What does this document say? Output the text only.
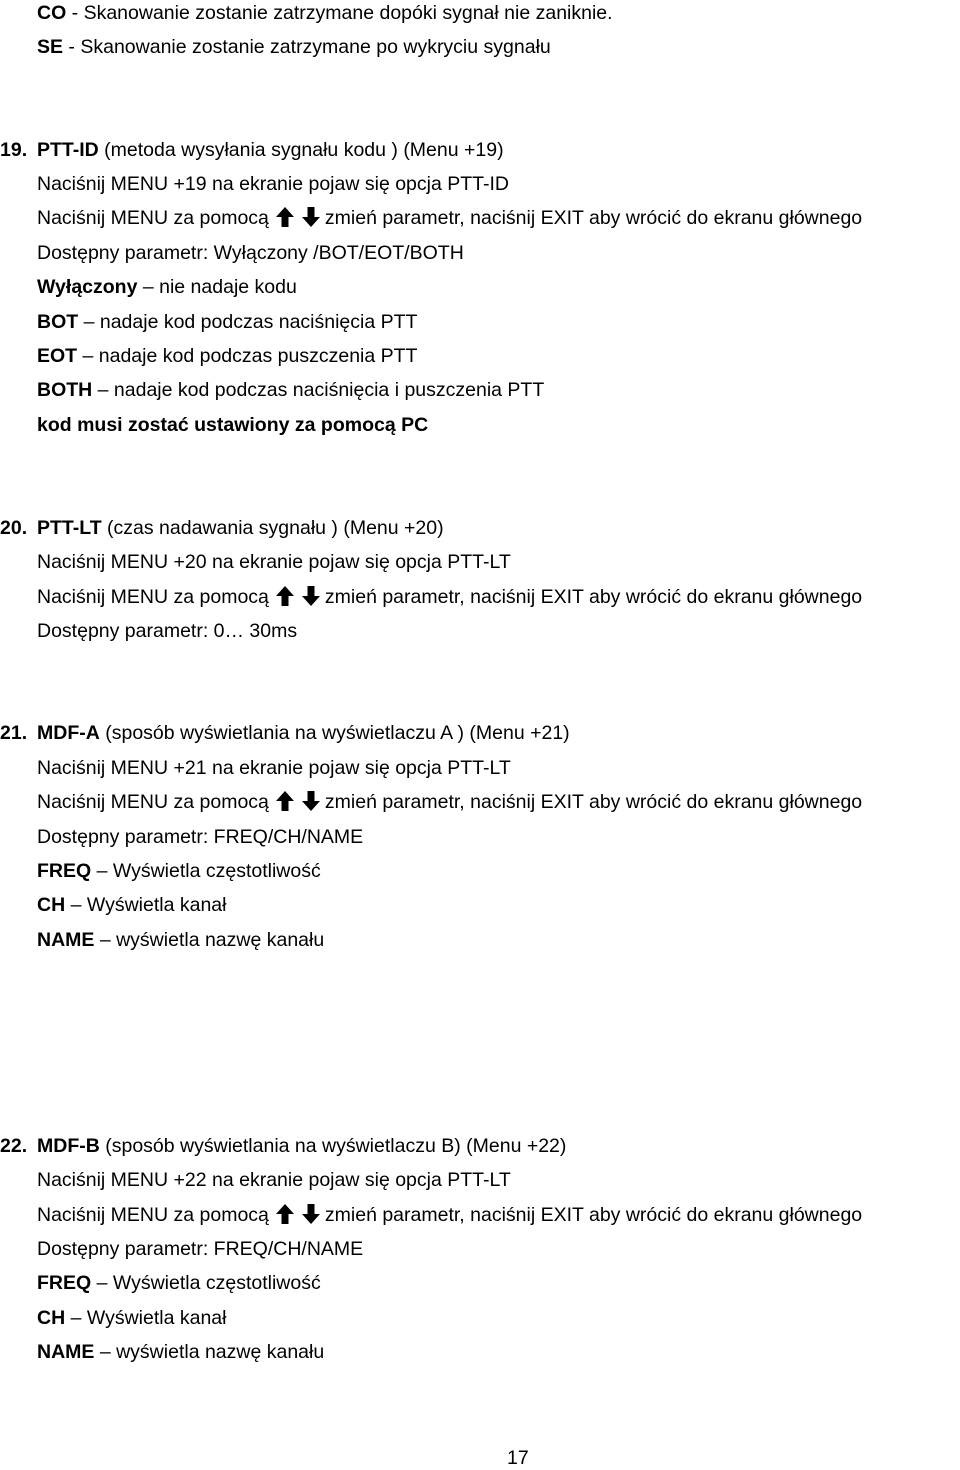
CO - Skanowanie zostanie zatrzymane dopóki sygnał nie zaniknie.
SE - Skanowanie zostanie zatrzymane po wykryciu sygnału
19. PTT-ID (metoda wysyłania sygnału kodu ) (Menu +19)
Naciśnij MENU +19 na ekranie pojaw się opcja PTT-ID
Naciśnij MENU za pomocą	zmień parametr, naciśnij EXIT aby wrócić do ekranu głównego
Dostępny parametr: Wyłączony /BOT/EOT/BOTH
Wyłączony – nie nadaje kodu
BOT – nadaje kod podczas naciśnięcia PTT
EOT – nadaje kod podczas puszczenia PTT
BOTH – nadaje kod podczas naciśnięcia i puszczenia PTT
kod musi zostać ustawiony za pomocą PC
20. PTT-LT (czas nadawania sygnału ) (Menu +20)
Naciśnij MENU +20 na ekranie pojaw się opcja PTT-LT
Naciśnij MENU za pomocą	zmień parametr, naciśnij EXIT aby wrócić do ekranu głównego
Dostępny parametr: 0… 30ms
21. MDF-A (sposób wyświetlania na wyświetlaczu A ) (Menu +21)
Naciśnij MENU +21 na ekranie pojaw się opcja PTT-LT
Naciśnij MENU za pomocą	zmień parametr, naciśnij EXIT aby wrócić do ekranu głównego
Dostępny parametr: FREQ/CH/NAME
FREQ – Wyświetla częstotliwość
CH – Wyświetla kanał
NAME – wyświetla nazwę kanału
22. MDF-B (sposób wyświetlania na wyświetlaczu B) (Menu +22)
Naciśnij MENU +22 na ekranie pojaw się opcja PTT-LT
Naciśnij MENU za pomocą	zmień parametr, naciśnij EXIT aby wrócić do ekranu głównego
Dostępny parametr: FREQ/CH/NAME
FREQ – Wyświetla częstotliwość
CH – Wyświetla kanał
NAME – wyświetla nazwę kanału
17
